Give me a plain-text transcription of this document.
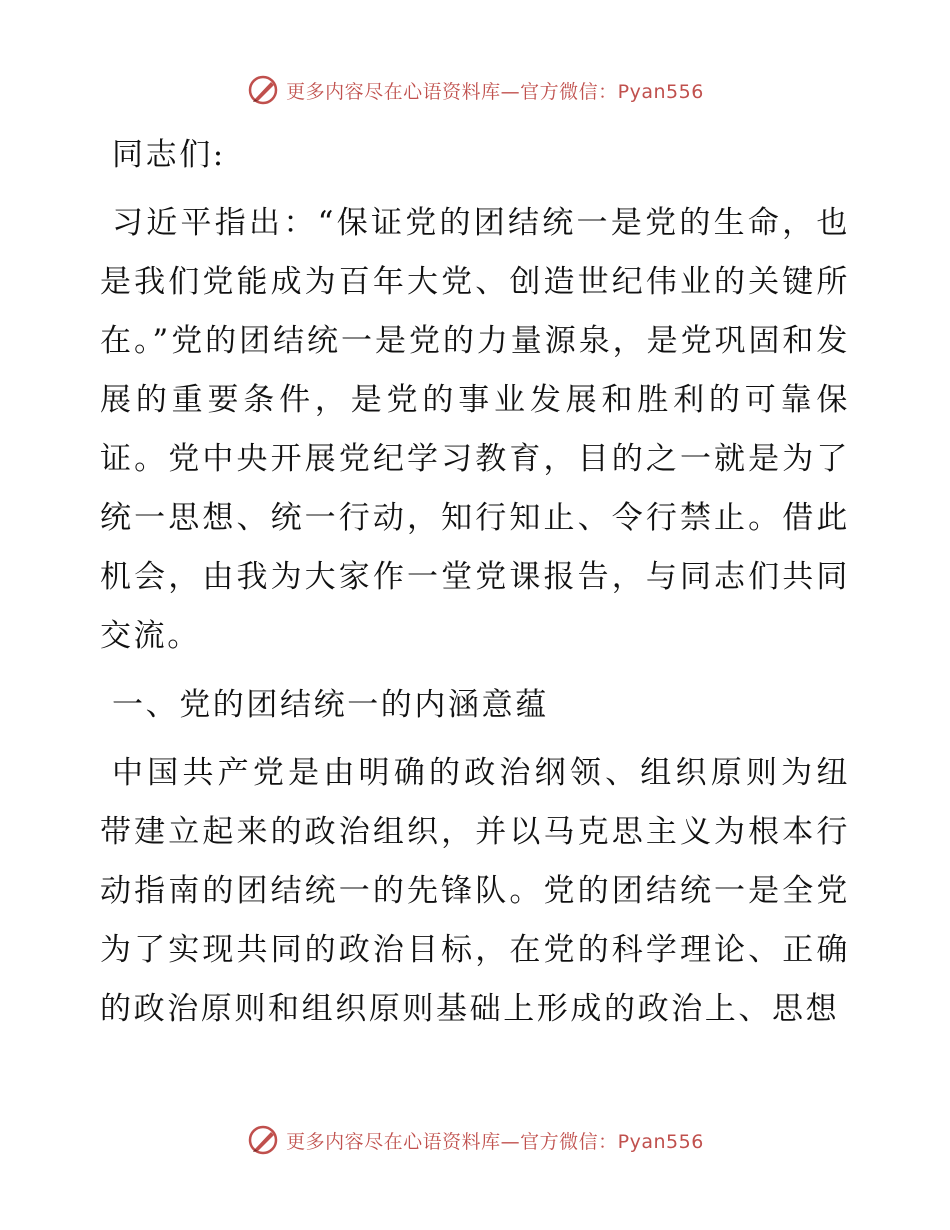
更多内容尽在心语资料库—官方微信：Pyan556

同志们:

习近平指出：“保证党的团结统一是党的生命，也是我们党能成为百年大党、创造世纪伟业的关键所在。”党的团结统一是党的力量源泉，是党巩固和发展的重要条件，是党的事业发展和胜利的可靠保证。党中央开展党纪学习教育，目的之一就是为了统一思想、统一行动，知行知止、令行禁止。借此机会，由我为大家作一堂党课报告，与同志们共同交流。

一、党的团结统一的内涵意蕴

中国共产党是由明确的政治纲领、组织原则为纽带建立起来的政治组织，并以马克思主义为根本行动指南的团结统一的先锋队。党的团结统一是全党为了实现共同的政治目标，在党的科学理论、正确的政治原则和组织原则基础上形成的政治上、思想

更多内容尽在心语资料库—官方微信：Pyan556
